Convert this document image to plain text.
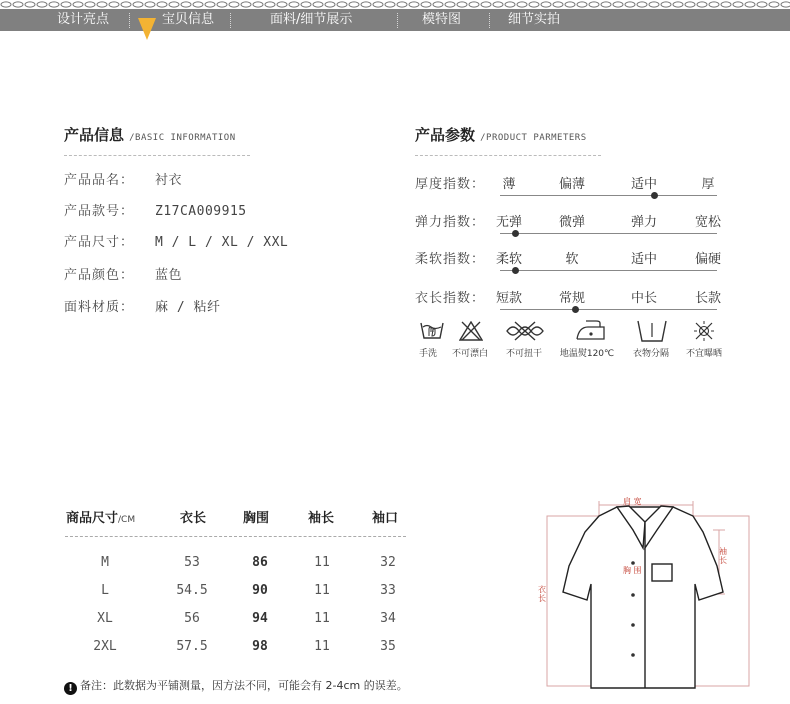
设计亮点	宝贝信息	面料/细节展示	模特图	细节实拍
产品信息 /BASIC INFORMATION
产品品名： 衬衣
产品款号： Z17CA009915
产品尺寸： M / L / XL / XXL
产品颜色： 蓝色
面料材质： 麻 / 粘纤
产品参数 /PRODUCT PARMETERS
厚度指数： 薄	偏薄	适中	厚
弹力指数： 无弹	微弹	弹力	宽松
柔软指数： 柔软	软	适中	偏硬
衣长指数： 短款	常规	中长	长款
手洗 不可漂白 不可扭干 地温熨120℃ 衣物分隔 不宜曝晒
商品尺寸/CM	衣长	胸围	袖长	袖口
M	53	86	11	32
L	54.5	90	11	33
XL	56	94	11	34
2XL	57.5	98	11	35
! 备注：此数据为平铺测量，因方法不同，可能会有 2-4cm 的误差。
肩 宽
胸 围
衣
长
袖
长
